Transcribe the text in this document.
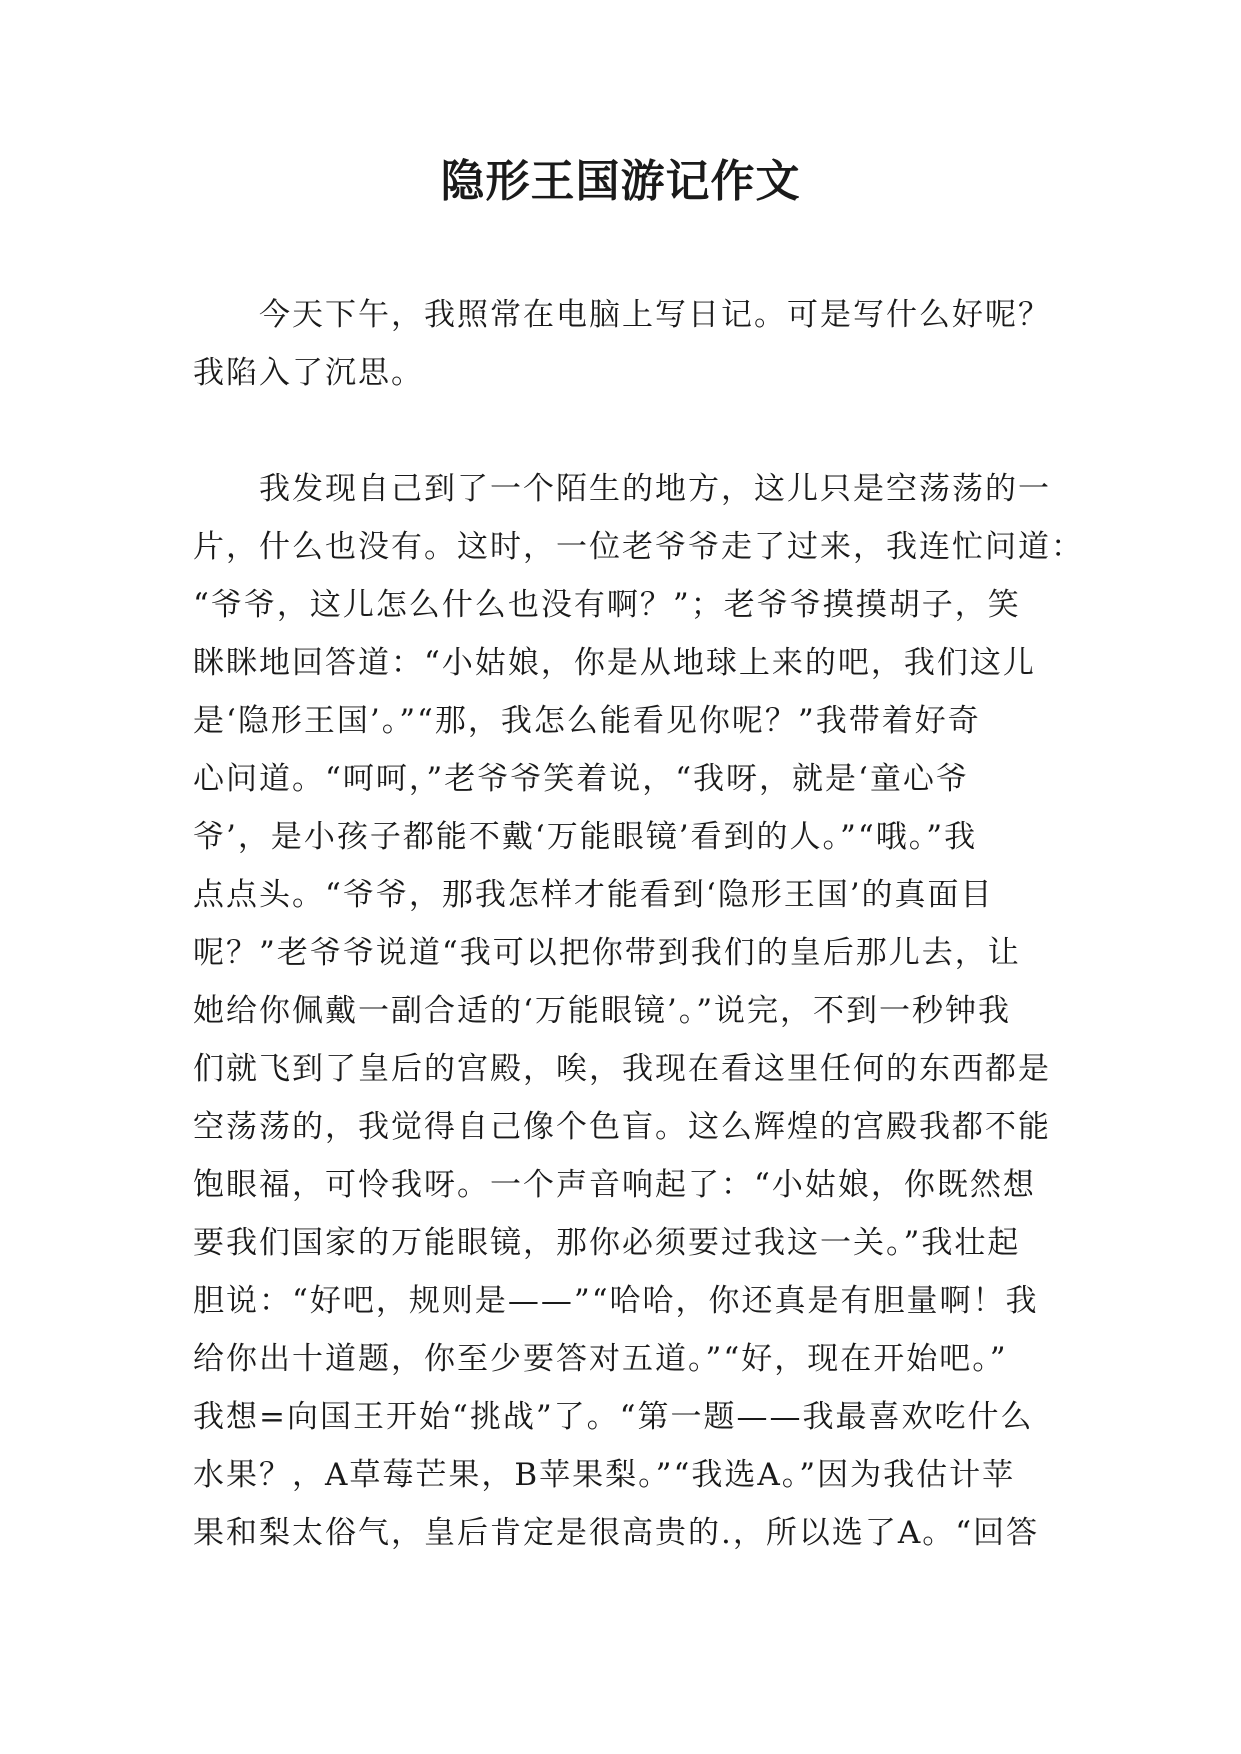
隐形王国游记作文
今天下午，我照常在电脑上写日记。可是写什么好呢？
我陷入了沉思。
我发现自己到了一个陌生的地方，这儿只是空荡荡的一
片，什么也没有。这时，一位老爷爷走了过来，我连忙问道：
“爷爷，这儿怎么什么也没有啊？”；老爷爷摸摸胡子，笑
眯眯地回答道：“小姑娘，你是从地球上来的吧，我们这儿
是‘隐形王国’。”“那，我怎么能看见你呢？”我带着好奇
心问道。“呵呵，”老爷爷笑着说，“我呀，就是‘童心爷
爷’，是小孩子都能不戴‘万能眼镜’看到的人。”“哦。”我
点点头。“爷爷，那我怎样才能看到‘隐形王国’的真面目
呢？”老爷爷说道“我可以把你带到我们的皇后那儿去，让
她给你佩戴一副合适的‘万能眼镜’。”说完，不到一秒钟我
们就飞到了皇后的宫殿，唉，我现在看这里任何的东西都是
空荡荡的，我觉得自己像个色盲。这么辉煌的宫殿我都不能
饱眼福，可怜我呀。一个声音响起了：“小姑娘，你既然想
要我们国家的万能眼镜，那你必须要过我这一关。”我壮起
胆说：“好吧，规则是——”“哈哈，你还真是有胆量啊！我
给你出十道题，你至少要答对五道。”“好，现在开始吧。”
我想=向国王开始“挑战”了。“第一题——我最喜欢吃什么
水果？，A草莓芒果，B苹果梨。”“我选A。”因为我估计苹
果和梨太俗气，皇后肯定是很高贵的.，所以选了A。“回答
